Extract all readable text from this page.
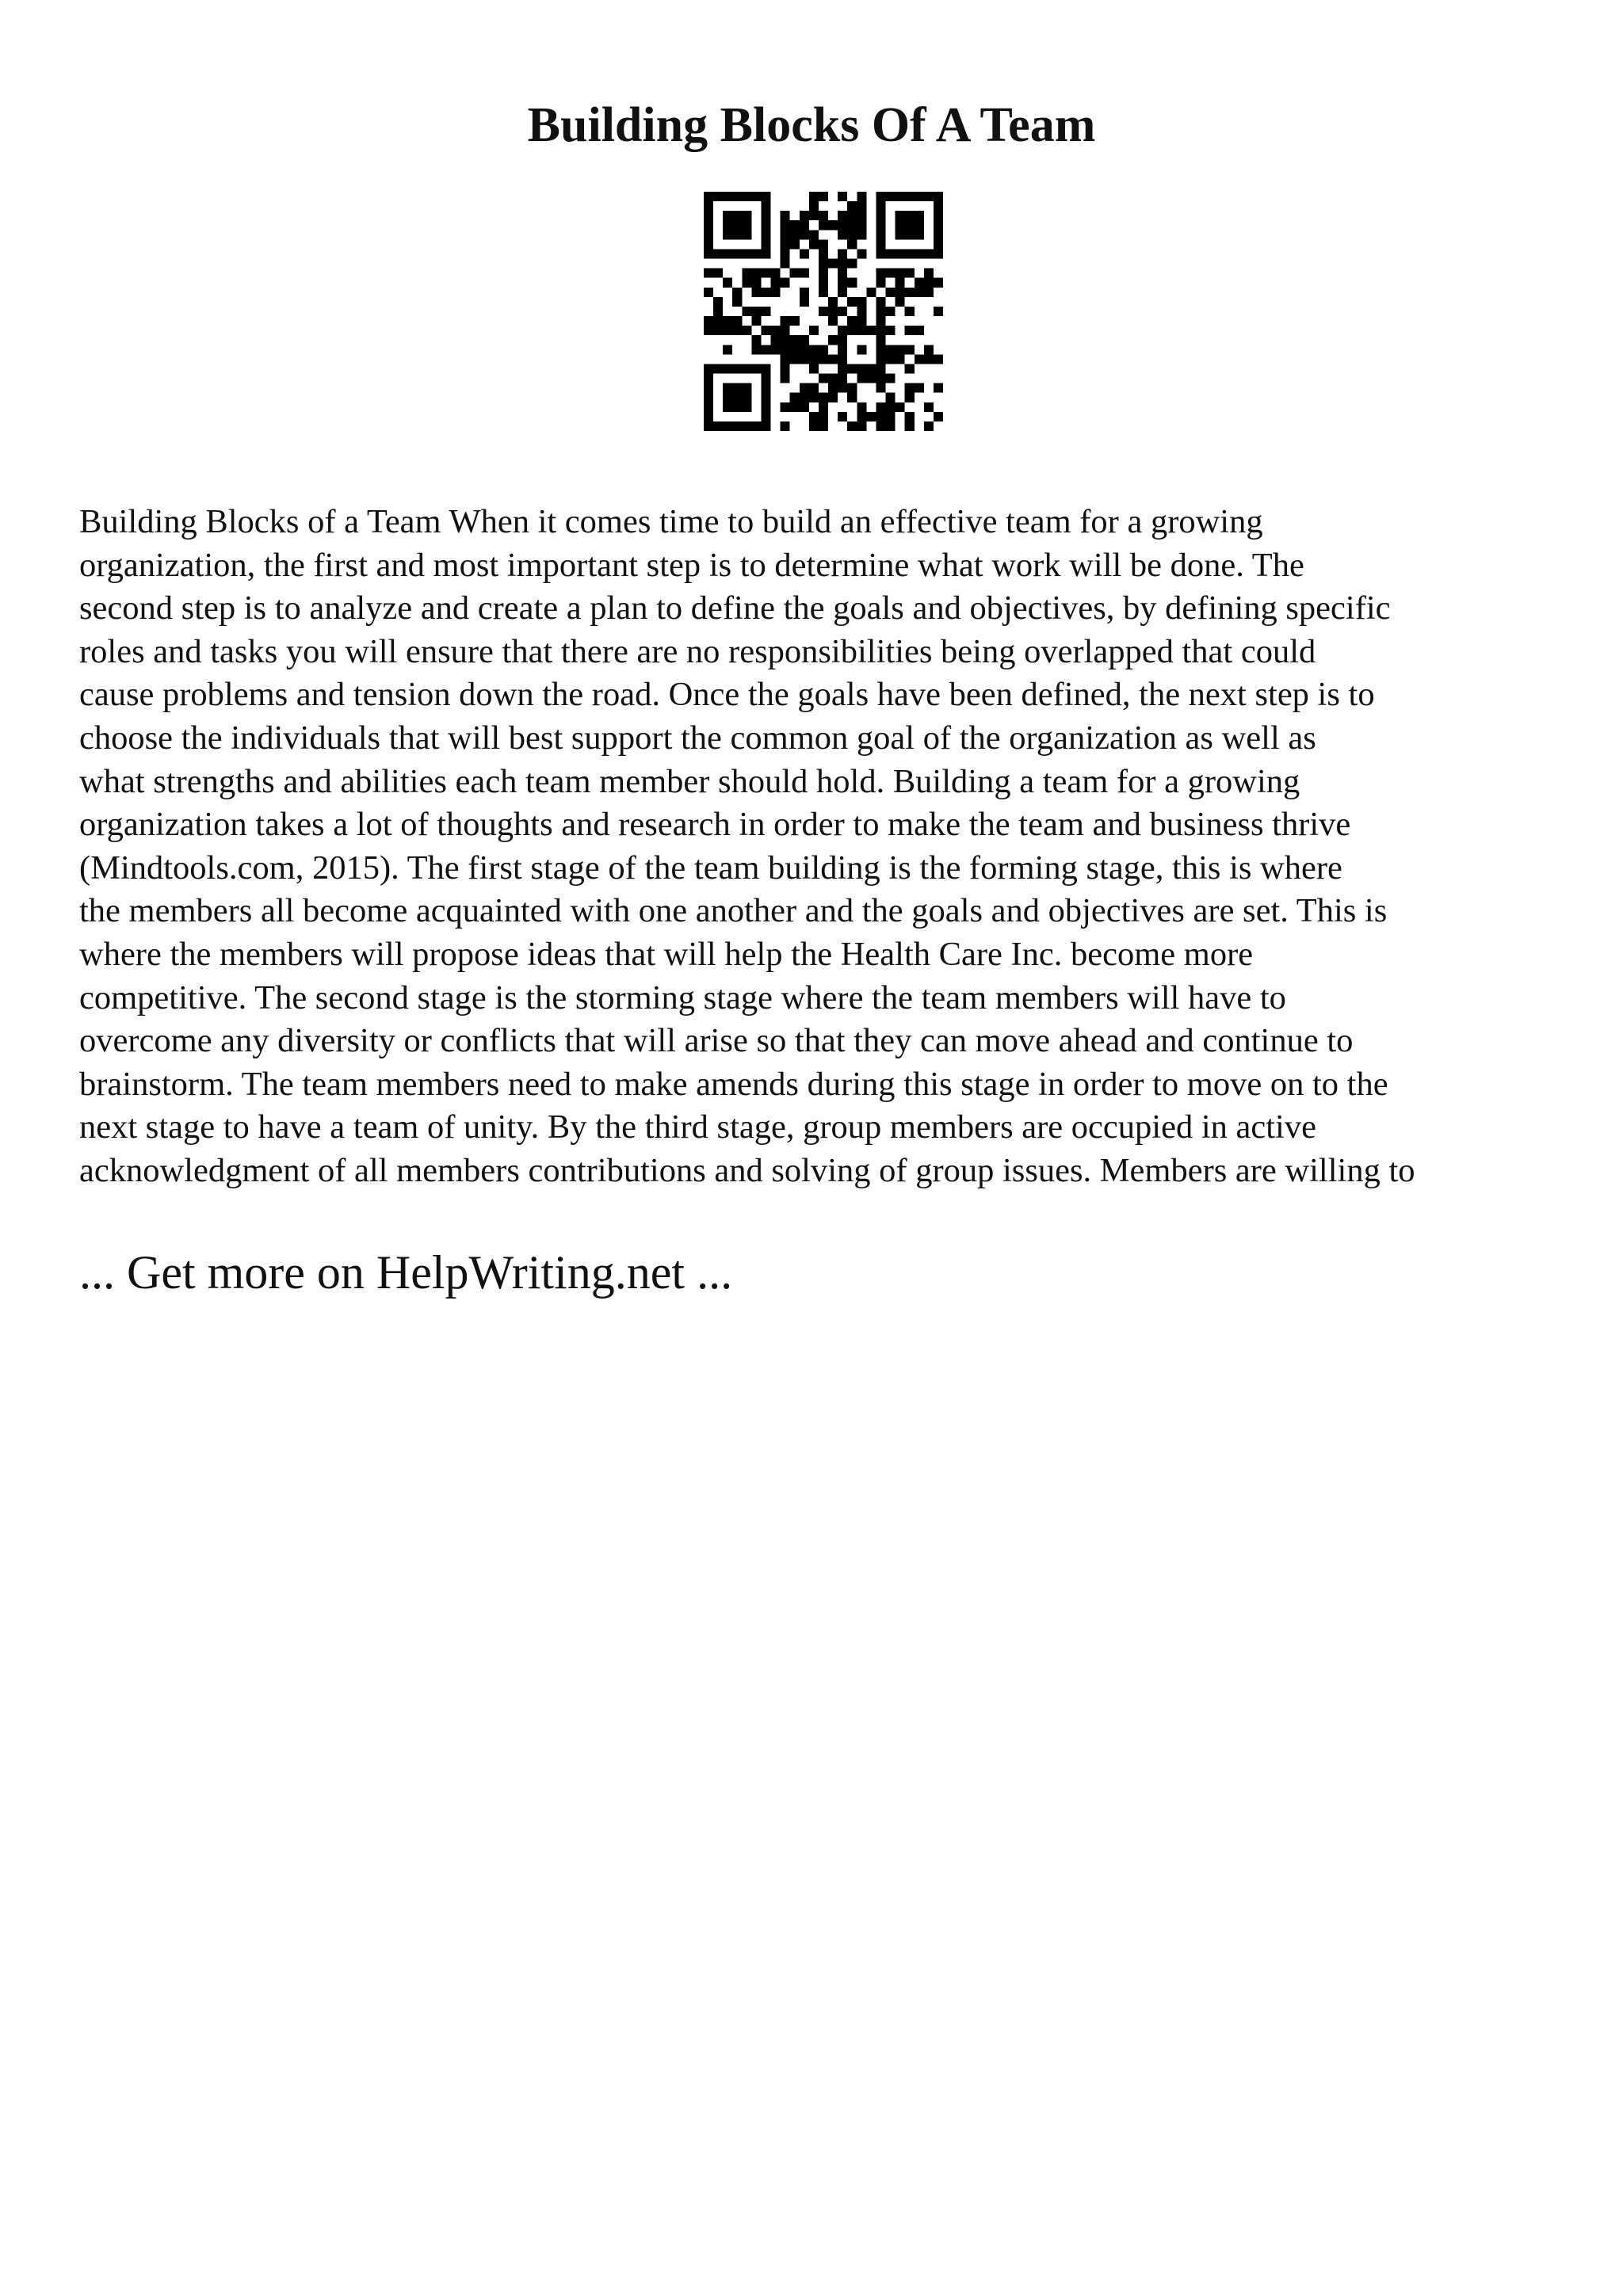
Building Blocks Of A Team
Building Blocks of a Team When it comes time to build an effective team for a growing
organization, the first and most important step is to determine what work will be done. The
second step is to analyze and create a plan to define the goals and objectives, by defining specific
roles and tasks you will ensure that there are no responsibilities being overlapped that could
cause problems and tension down the road. Once the goals have been defined, the next step is to
choose the individuals that will best support the common goal of the organization as well as
what strengths and abilities each team member should hold. Building a team for a growing
organization takes a lot of thoughts and research in order to make the team and business thrive
(Mindtools.com, 2015). The first stage of the team building is the forming stage, this is where
the members all become acquainted with one another and the goals and objectives are set. This is
where the members will propose ideas that will help the Health Care Inc. become more
competitive. The second stage is the storming stage where the team members will have to
overcome any diversity or conflicts that will arise so that they can move ahead and continue to
brainstorm. The team members need to make amends during this stage in order to move on to the
next stage to have a team of unity. By the third stage, group members are occupied in active
acknowledgment of all members contributions and solving of group issues. Members are willing to
... Get more on HelpWriting.net ...
